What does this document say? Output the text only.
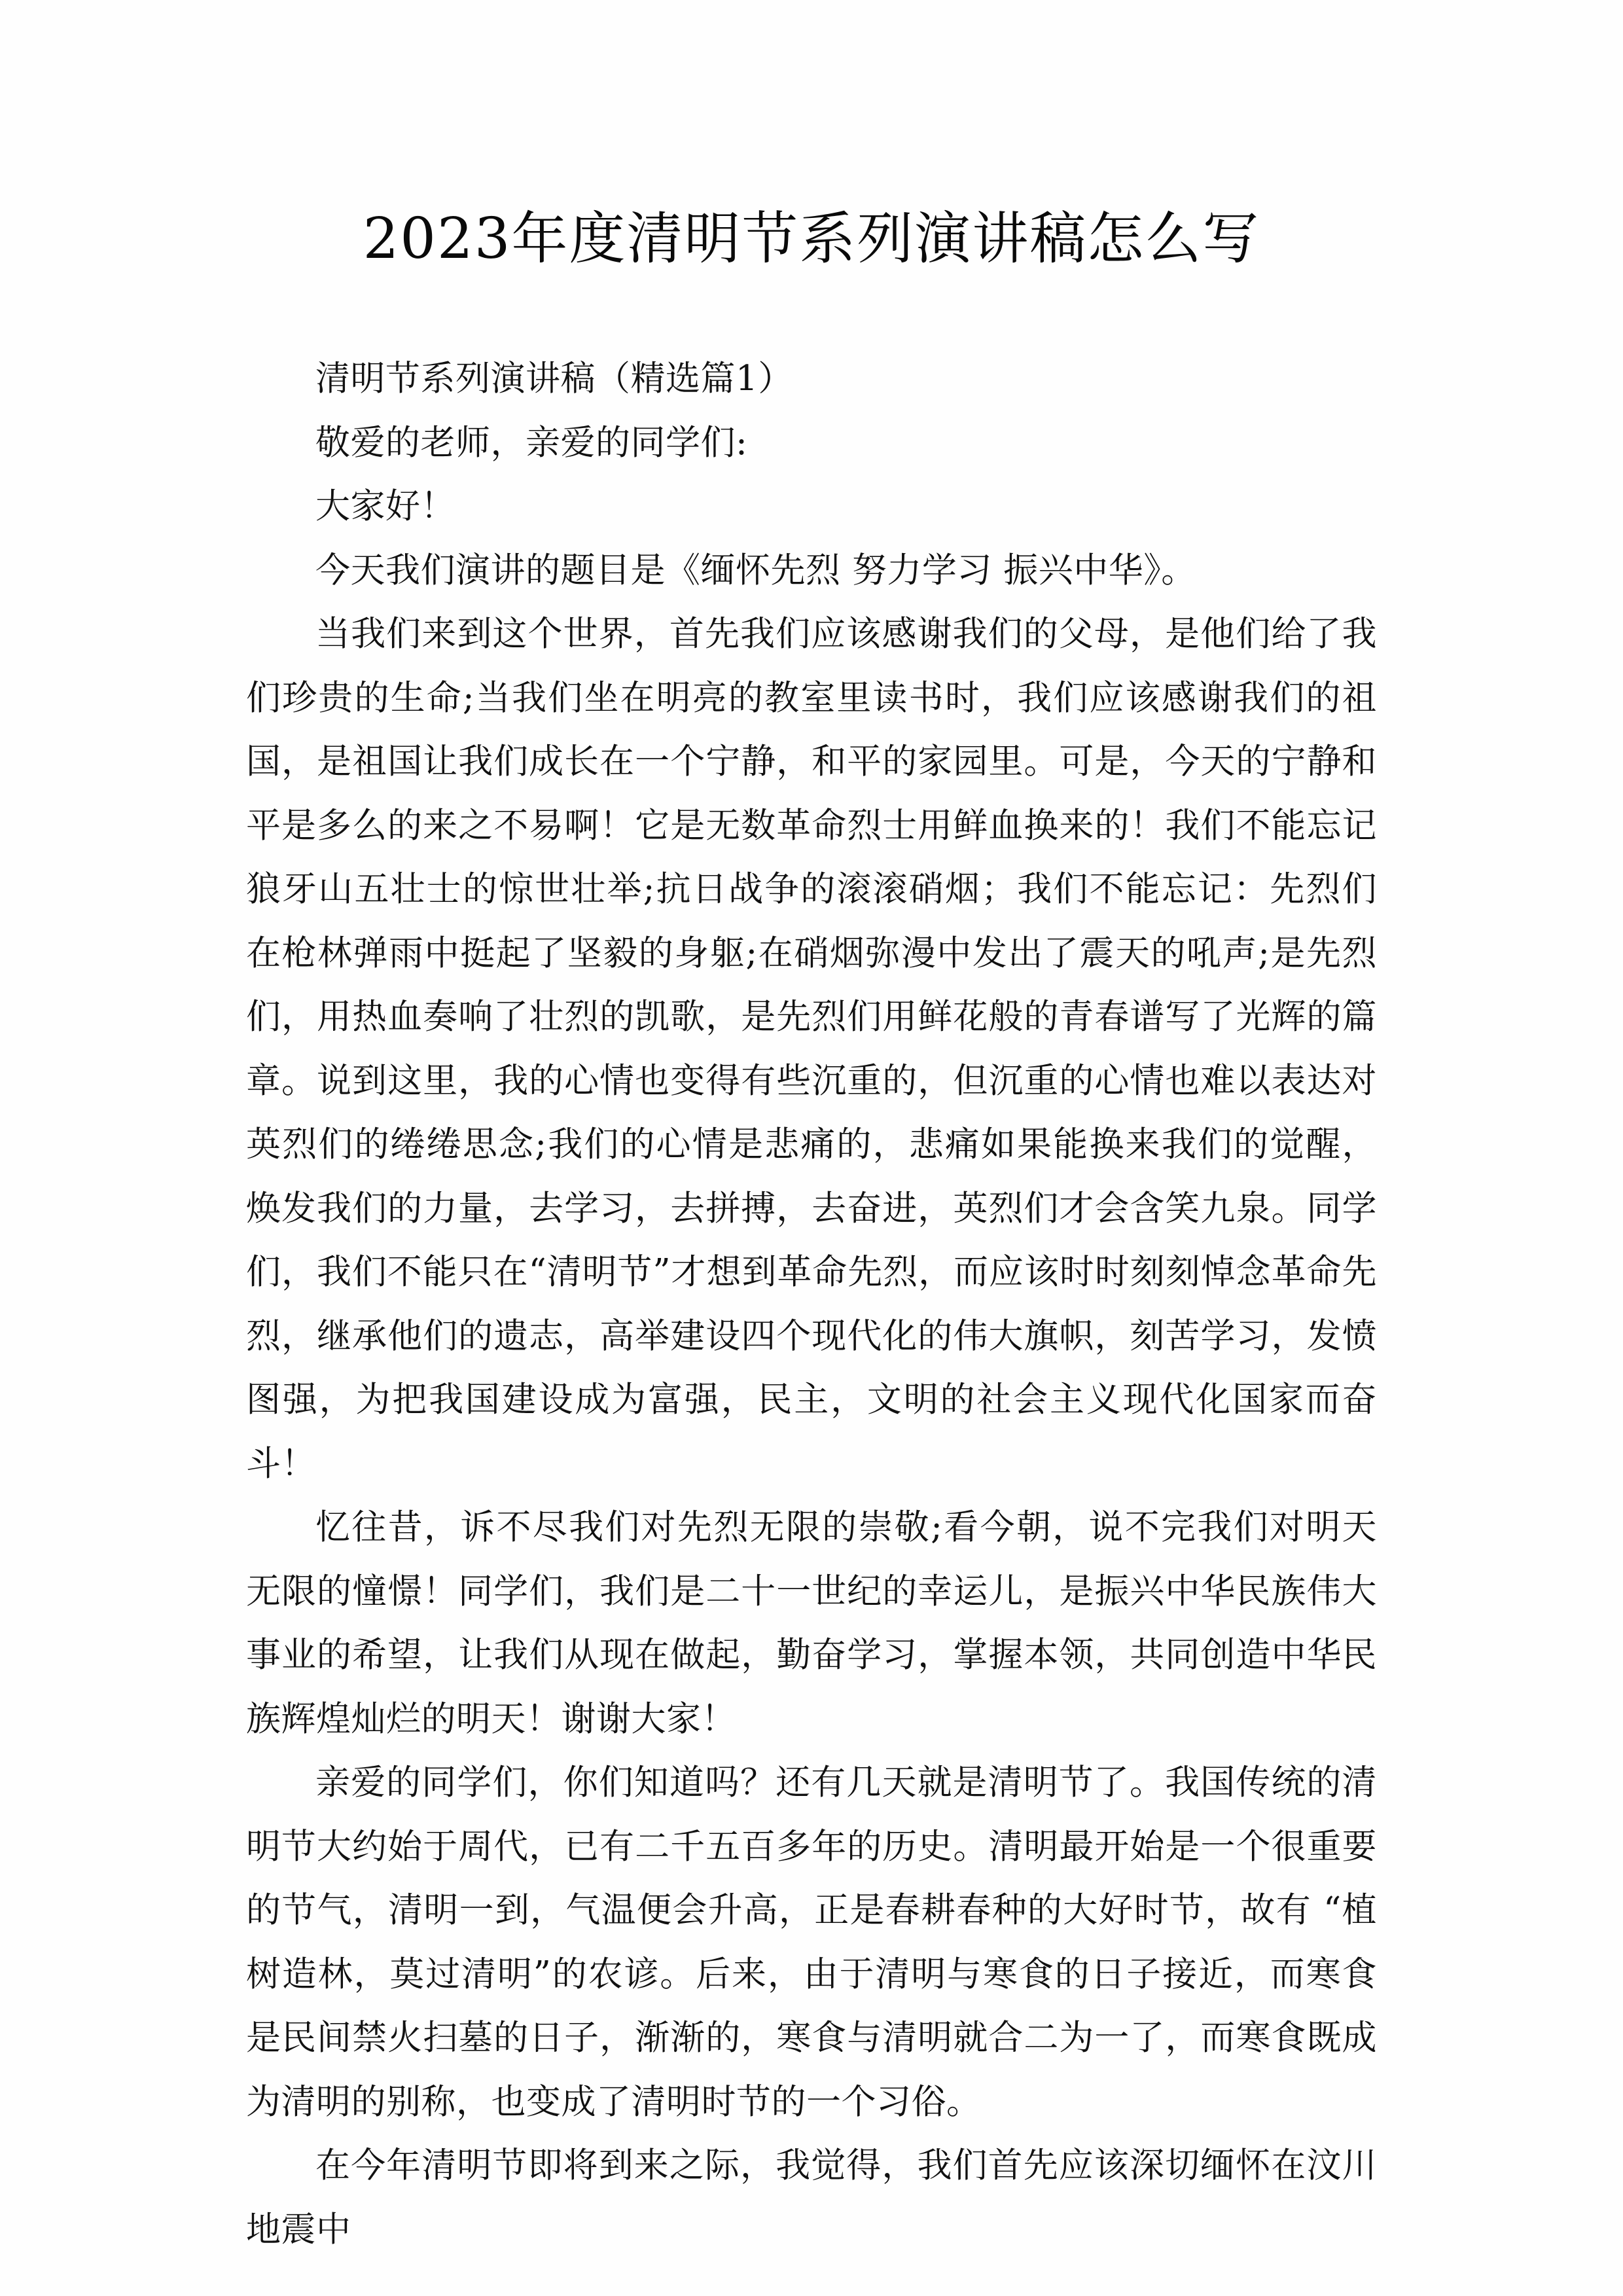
2023年度清明节系列演讲稿怎么写

清明节系列演讲稿（精选篇1）

敬爱的老师，亲爱的同学们:

大家好！

今天我们演讲的题目是《缅怀先烈 努力学习 振兴中华》。

当我们来到这个世界，首先我们应该感谢我们的父母，是他们给了我们珍贵的生命;当我们坐在明亮的教室里读书时，我们应该感谢我们的祖国，是祖国让我们成长在一个宁静，和平的家园里。可是，今天的宁静和平是多么的来之不易啊！它是无数革命烈士用鲜血换来的！我们不能忘记狼牙山五壮士的惊世壮举;抗日战争的滚滚硝烟；我们不能忘记：先烈们在枪林弹雨中挺起了坚毅的身躯;在硝烟弥漫中发出了震天的吼声;是先烈们，用热血奏响了壮烈的凯歌，是先烈们用鲜花般的青春谱写了光辉的篇章。说到这里，我的心情也变得有些沉重的，但沉重的心情也难以表达对英烈们的绻绻思念;我们的心情是悲痛的，悲痛如果能换来我们的觉醒，焕发我们的力量，去学习，去拼搏，去奋进，英烈们才会含笑九泉。同学们，我们不能只在“清明节”才想到革命先烈，而应该时时刻刻悼念革命先烈，继承他们的遗志，高举建设四个现代化的伟大旗帜，刻苦学习，发愤图强，为把我国建设成为富强，民主，文明的社会主义现代化国家而奋斗！

忆往昔，诉不尽我们对先烈无限的崇敬;看今朝，说不完我们对明天无限的憧憬！同学们，我们是二十一世纪的幸运儿，是振兴中华民族伟大事业的希望，让我们从现在做起，勤奋学习，掌握本领，共同创造中华民族辉煌灿烂的明天！谢谢大家！

亲爱的同学们，你们知道吗？还有几天就是清明节了。我国传统的清明节大约始于周代，已有二千五百多年的历史。清明最开始是一个很重要的节气，清明一到，气温便会升高，正是春耕春种的大好时节，故有 “植树造林，莫过清明”的农谚。后来，由于清明与寒食的日子接近，而寒食是民间禁火扫墓的日子，渐渐的，寒食与清明就合二为一了，而寒食既成为清明的别称，也变成了清明时节的一个习俗。

在今年清明节即将到来之际，我觉得，我们首先应该深切缅怀在汶川地震中
